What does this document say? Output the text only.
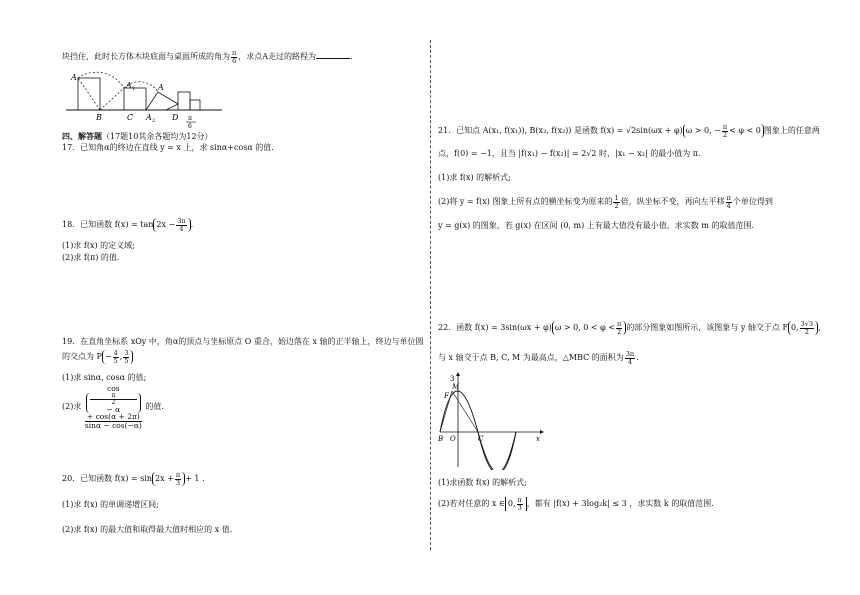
块挡住，此时长方体木块底面与桌面所成的角为 $\frac{\pi}{6}$ ，求点A走过的路程为	.
A
A 1	A
B	C A 2 D π
6
四、解答题（17题10其余各题均为12分）
17．已知角α的终边在直线 y = x 上，求 sinα+cosα 的值.
18．已知函数 $f(x) = \tan 2x - \frac{3\pi}{4}$ .
(1)求 f(x) 的定义域;
(2)求 f(π) 的值.
19．在直角坐标系 xOy 中，角α的顶点与坐标原点 O 重合，始边落在 x 轴的正半轴上，终边与单位圆
的交点为 $P - \frac{4}{5}$ , $\frac{3}{5}$
(1)求 sinα, cosα 的值;
(2)求 cos
π
2
− α
+ cos(α + 2π)
sinα − cos(−α) 的值.
20．已知函数 $f(x) = \sin 2x + \frac{\pi}{3} + 1$ .
(1)求 f(x) 的单调递增区间;
(2)求 f(x) 的最大值和取得最大值时相应的 x 值.
21．已知点 A(x₁, f(x₁)), B(x₂, f(x₂)) 是函数 f(x) = √2sin(ωx + φ) ω > 0, − $\frac{\pi}{2} < \varphi < 0$ 图象上的任意两
点，f(0) = −1，且当 |f(x₁) − f(x₂)| = 2√2 时，|x₁ − x₂| 的最小值为 π.
(1)求 f(x) 的解析式;
(2)将 y = f(x) 图象上所有点的横坐标变为原来的 $\frac{1}{2}$ 倍，纵坐标不变，再向左平移 $\frac{\pi}{4}$ 个单位得到
y = g(x) 的图象，若 g(x) 在区间 (0, m) 上有最大值没有最小值，求实数 m 的取值范围.
22．函数 f(x) = 3sin(ωx + φ) ω > 0, $0 < \varphi < \frac{\pi}{2}$ 的部分图象如图所示，该图象与 y 轴交于点 F 0, $\frac{3√3}{2}$ ,
与 x 轴交于点 B, C, M 为最高点，△MBC 的面积为 $\frac{3\pi}{4}$ .
3
M
F
B O	C	x
(1)求函数 f(x) 的解析式;
(2)若对任意的 x ∈ 0, $\frac{\pi}{3}$ ，都有 |f(x) + 3log₂k| ≤ 3 ，求实数 k 的取值范围.
